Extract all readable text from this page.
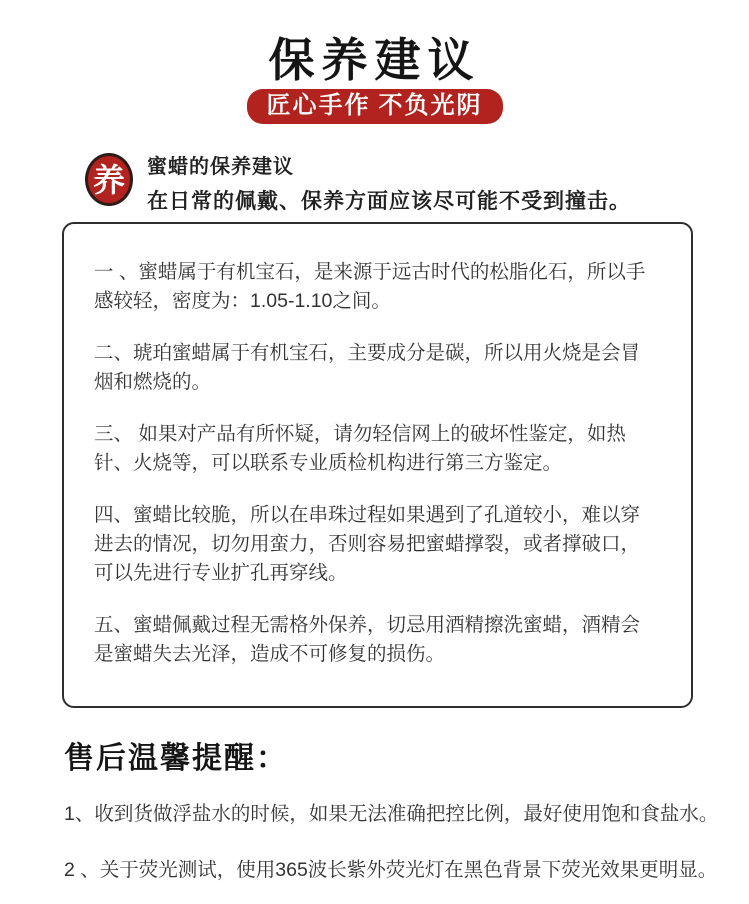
保养建议
匠心手作 不负光阴
养 蜜蜡的保养建议
在日常的佩戴、保养方面应该尽可能不受到撞击。

一 、蜜蜡属于有机宝石，是来源于远古时代的松脂化石，所以手感较轻，密度为：1.05-1.10之间。

二、琥珀蜜蜡属于有机宝石，主要成分是碳，所以用火烧是会冒烟和燃烧的。

三、 如果对产品有所怀疑，请勿轻信网上的破坏性鉴定，如热针、火烧等，可以联系专业质检机构进行第三方鉴定。

四、蜜蜡比较脆，所以在串珠过程如果遇到了孔道较小，难以穿进去的情况，切勿用蛮力，否则容易把蜜蜡撑裂，或者撑破口，可以先进行专业扩孔再穿线。

五、蜜蜡佩戴过程无需格外保养，切忌用酒精擦洗蜜蜡，酒精会是蜜蜡失去光泽，造成不可修复的损伤。

售后温馨提醒：

1、收到货做浮盐水的时候，如果无法准确把控比例，最好使用饱和食盐水。

2 、关于荧光测试，使用365波长紫外荧光灯在黑色背景下荧光效果更明显。
